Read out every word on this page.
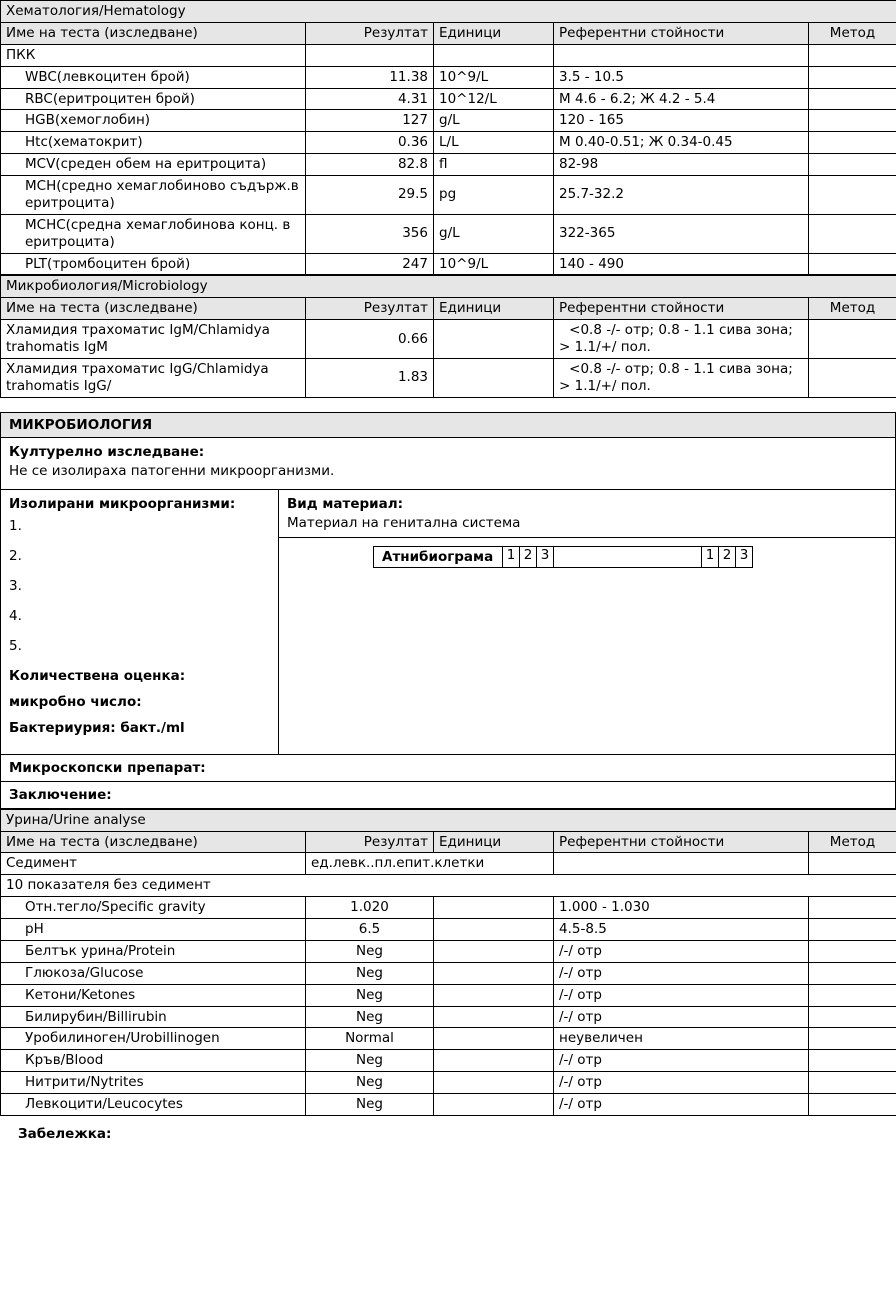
Хематология/Hematology				
Име на теста (изследване)	Резултат	Единици	Референтни стойности	Метод
ПКК				
WBC(левкоцитен брой)	11.38	10^9/L	3.5 - 10.5	
RBC(еритроцитен брой)	4.31	10^12/L	М 4.6 - 6.2; Ж 4.2 - 5.4	
HGB(хемоглобин)	127	g/L	120 - 165	
Htc(хематокрит)	0.36	L/L	М 0.40-0.51; Ж 0.34-0.45	
MCV(среден обем на еритроцита)	82.8	fl	82-98	
MCH(средно хемаглобиново съдърж.в еритроцита)	29.5	pg	25.7-32.2	
MCHC(средна хемаглобинова конц. в еритроцита)	356	g/L	322-365	
PLT(тромбоцитен брой)	247	10^9/L	140 - 490	
Микробиология/Microbiology				
Име на теста (изследване)	Резултат	Единици	Референтни стойности	Метод
Хламидия трахоматис IgM/Chlamidya trahomatis IgM	0.66		<0.8 -/- отр; 0.8 - 1.1 сива зона;
> 1.1/+/ пол.	

Хламидия трахоматис IgG/Chlamidya trahomatis IgG/	1.83		<0.8 -/- отр; 0.8 - 1.1 сива зона;
> 1.1/+/ пол.	

МИКРОБИОЛОГИЯ
Културелно изследване:
Не се изолираха патогенни микроорганизми.
Изолирани микроорганизми:
1.
2.
3.
4.
5.
Количествена оценка:
микробно число:
Бактериурия: бакт./ml
Вид материал:
Материал на генитална система
Атнибиограма	1 2 3	1 2 3
Микроскопски препарат:
Заключение:
Урина/Urine analyse				
Име на теста (изследване)	Резултат	Единици	Референтни стойности	Метод
Седимент	ед.левк..пл.епит.клетки			
10 показателя без седимент				
Отн.тегло/Specific gravity	1.020		1.000 - 1.030	
pH	6.5		4.5-8.5	
Белтък урина/Protein	Neg		/-/ отр	
Глюкоза/Glucose	Neg		/-/ отр	
Кетони/Ketones	Neg		/-/ отр	
Билирубин/Billirubin	Neg		/-/ отр	
Уробилиноген/Urobillinogen	Normal		неувеличен	
Кръв/Blood	Neg		/-/ отр	
Нитрити/Nytrites	Neg		/-/ отр	
Левкоцити/Leucocytes	Neg		/-/ отр	
Забележка:
